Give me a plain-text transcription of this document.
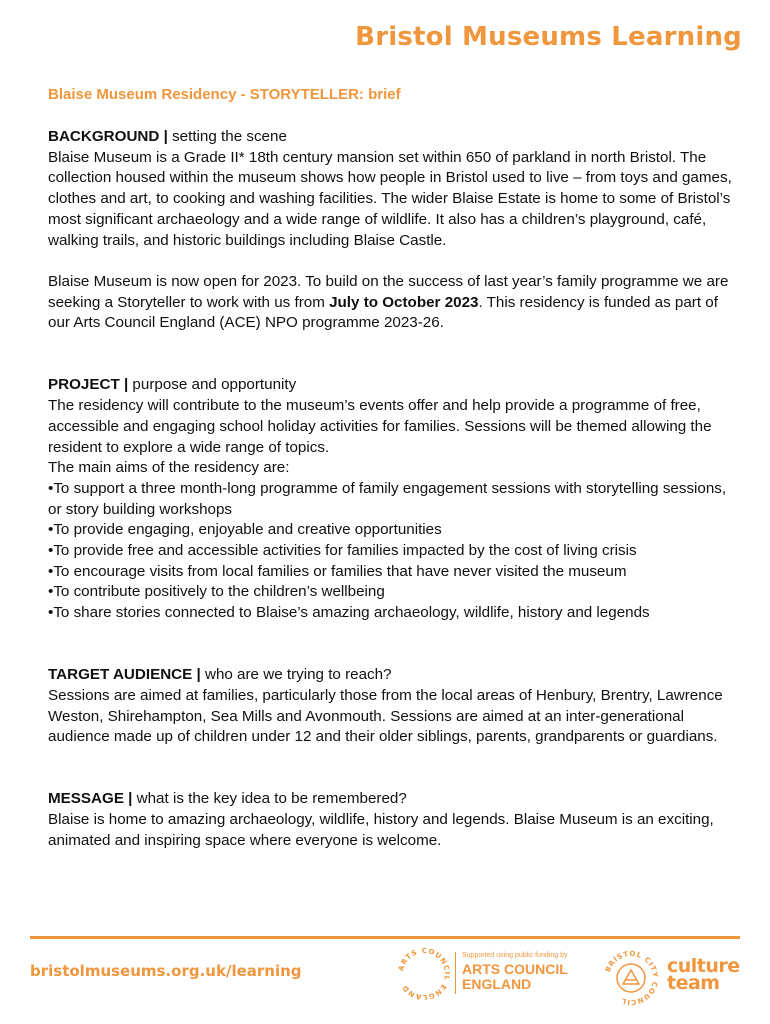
Bristol Museums Learning
Blaise Museum Residency - STORYTELLER: brief

BACKGROUND | setting the scene

Blaise Museum is a Grade II* 18th century mansion set within 650 of parkland in north Bristol. The collection housed within the museum shows how people in Bristol used to live – from toys and games, clothes and art, to cooking and washing facilities. The wider Blaise Estate is home to some of Bristol’s most significant archaeology and a wide range of wildlife. It also has a children’s playground, café, walking trails, and historic buildings including Blaise Castle.

Blaise Museum is now open for 2023. To build on the success of last year’s family programme we are seeking a Storyteller to work with us from July to October 2023. This residency is funded as part of our Arts Council England (ACE) NPO programme 2023-26.

PROJECT | purpose and opportunity

The residency will contribute to the museum’s events offer and help provide a programme of free, accessible and engaging school holiday activities for families. Sessions will be themed allowing the resident to explore a wide range of topics.

The main aims of the residency are:

• To support a three month-long programme of family engagement sessions with storytelling sessions, or story building workshops
• To provide engaging, enjoyable and creative opportunities
• To provide free and accessible activities for families impacted by the cost of living crisis
• To encourage visits from local families or families that have never visited the museum
• To contribute positively to the children’s wellbeing
• To share stories connected to Blaise’s amazing archaeology, wildlife, history and legends

TARGET AUDIENCE | who are we trying to reach?

Sessions are aimed at families, particularly those from the local areas of Henbury, Brentry, Lawrence Weston, Shirehampton, Sea Mills and Avonmouth. Sessions are aimed at an inter-generational audience made up of children under 12 and their older siblings, parents, grandparents or guardians.

MESSAGE | what is the key idea to be remembered?

Blaise is home to amazing archaeology, wildlife, history and legends. Blaise Museum is an exciting, animated and inspiring space where everyone is welcome.

bristolmuseums.org.uk/learning	ARTS COUNCIL ENGLAND
Supported using public funding by
ARTS COUNCIL
ENGLAND
BRISTOL CITY COUNCIL
culture
team
